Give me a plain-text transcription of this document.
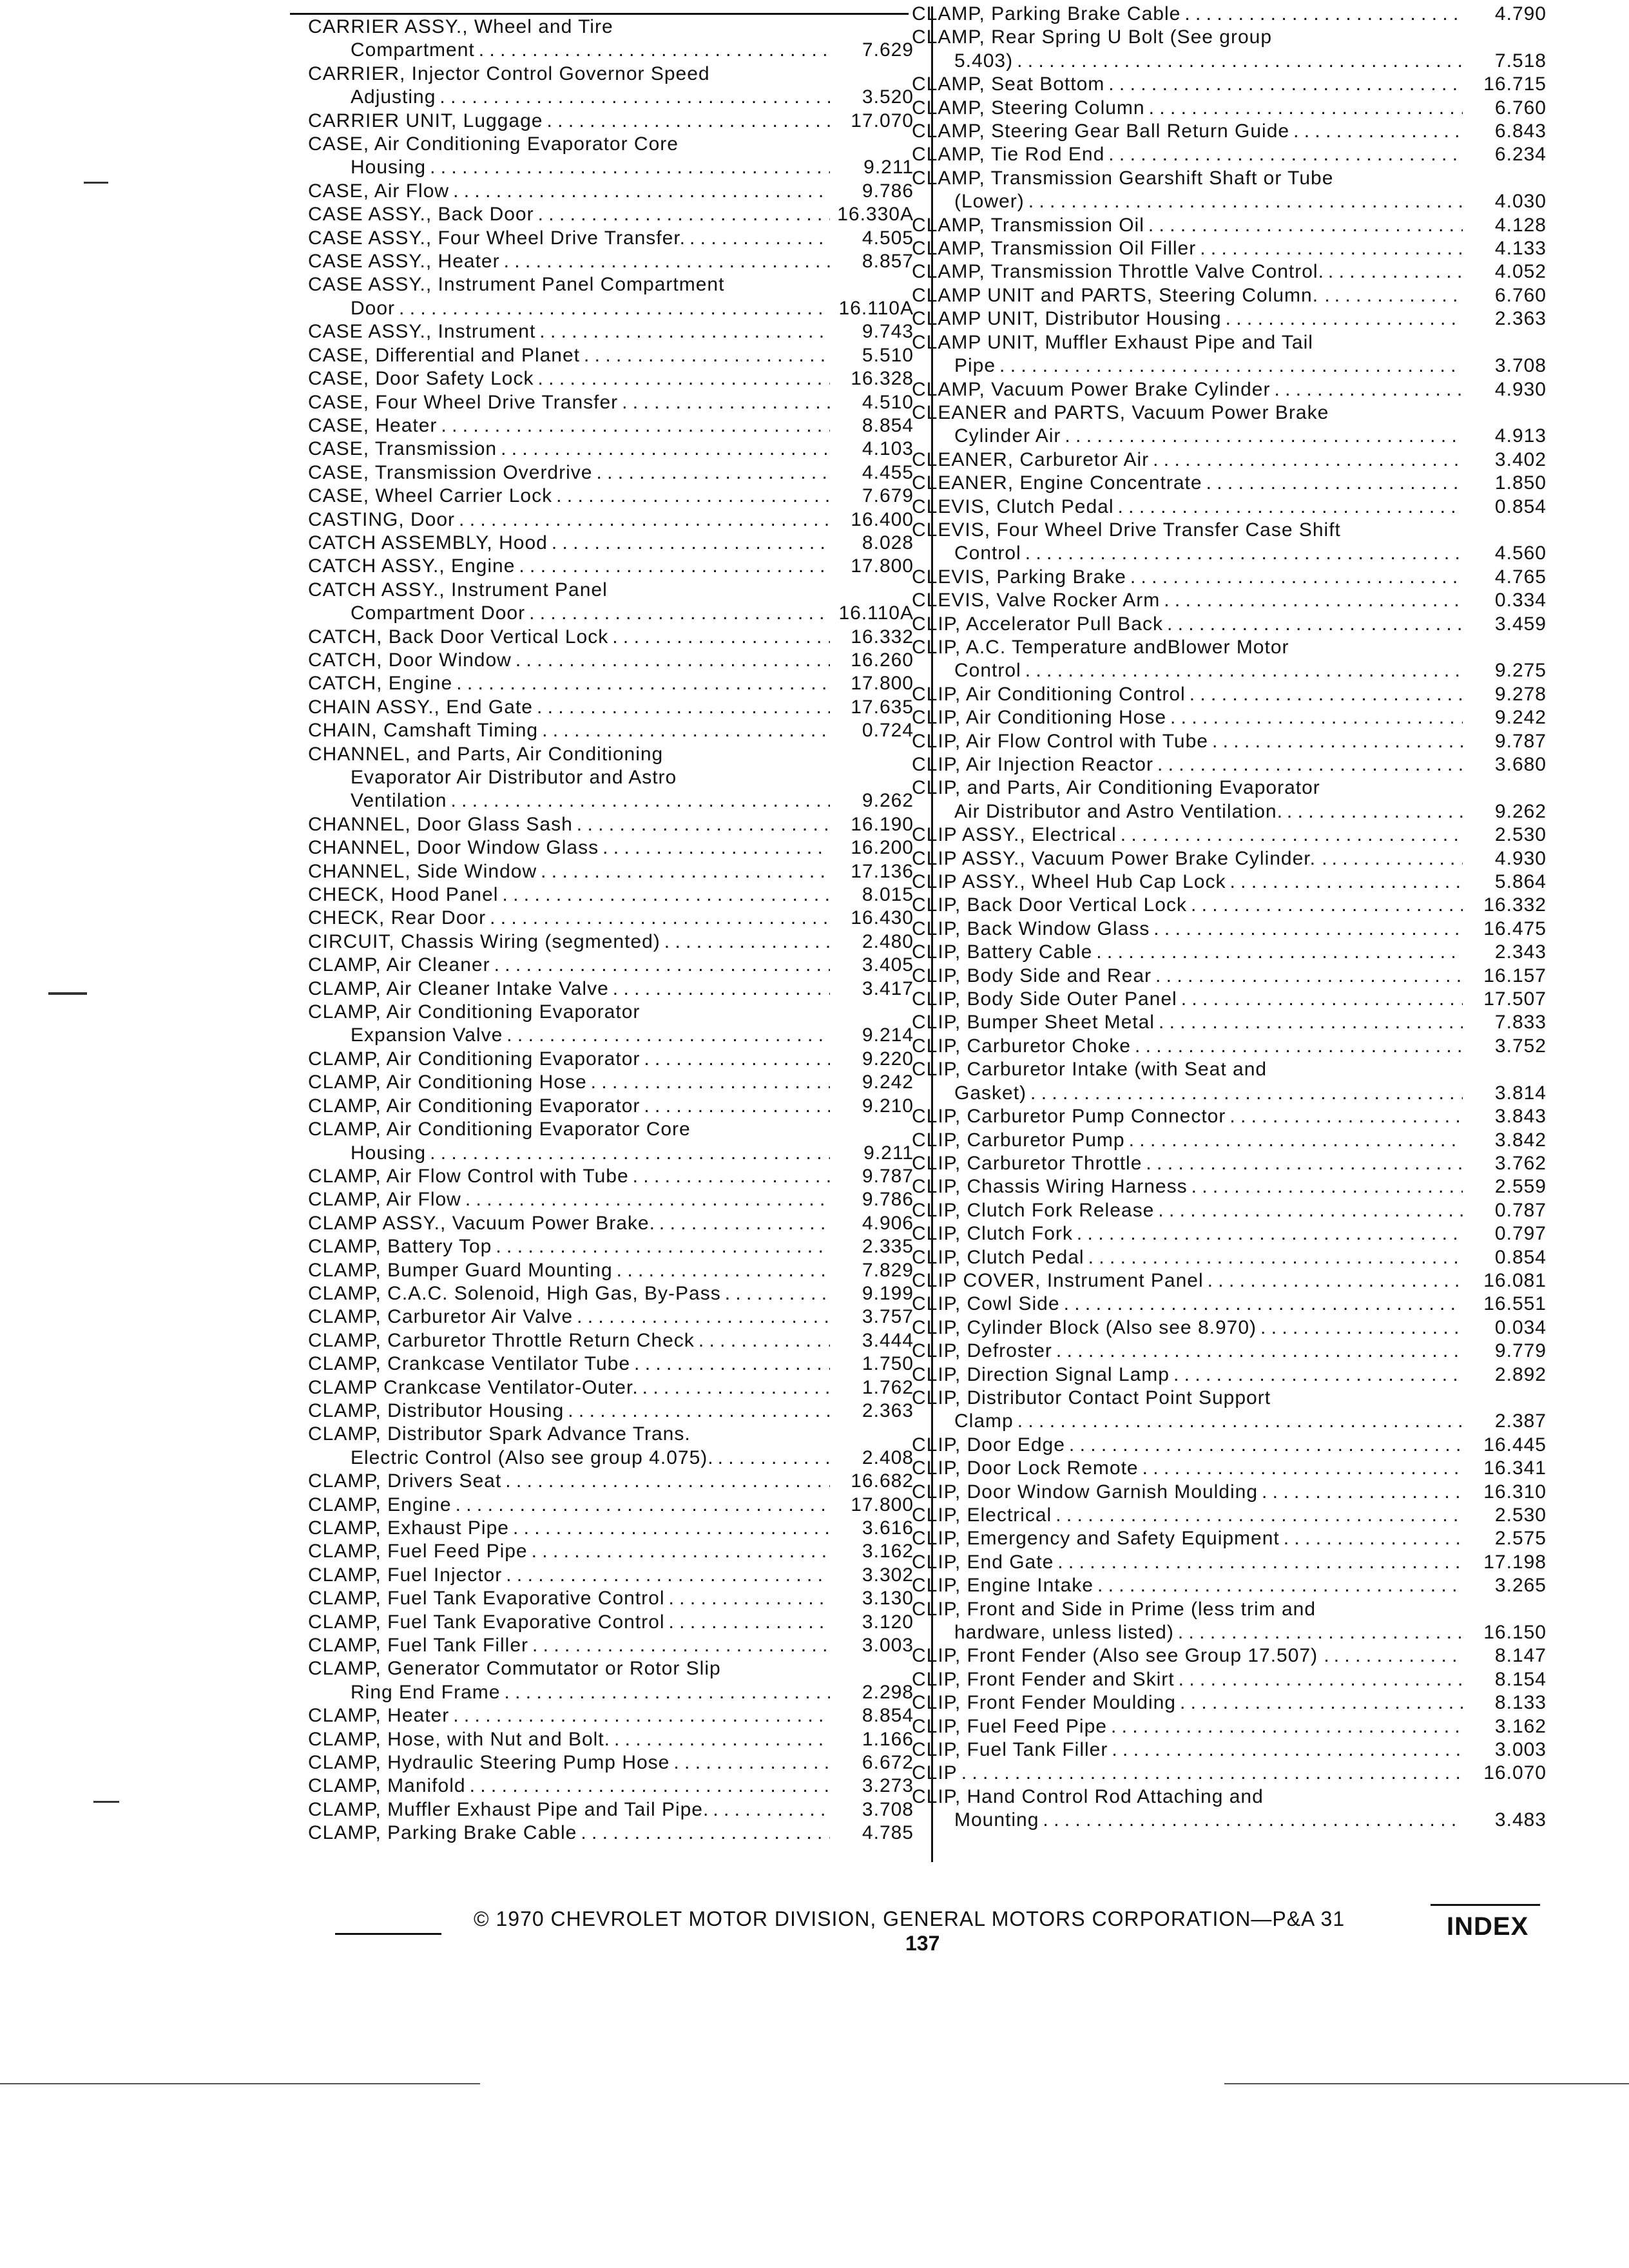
CARRIER ASSY., Wheel and Tire
Compartment . . .	7.629
CARRIER, Injector Control Governor Speed
Adjusting . . .	3.520
CARRIER UNIT, Luggage . . .	17.070
CASE, Air Conditioning Evaporator Core
Housing . . .	9.211
CASE, Air Flow . . .	9.786
CASE ASSY., Back Door . . .	16.330A
CASE ASSY., Four Wheel Drive Transfer. . . .	4.505
CASE ASSY., Heater . . .	8.857
CASE ASSY., Instrument Panel Compartment
Door . . .	16.110A
CASE ASSY., Instrument . . .	9.743
CASE, Differential and Planet . . .	5.510
CASE, Door Safety Lock . . .	16.328
CASE, Four Wheel Drive Transfer . . .	4.510
CASE, Heater . . .	8.854
CASE, Transmission . . .	4.103
CASE, Transmission Overdrive . . .	4.455
CASE, Wheel Carrier Lock . . .	7.679
CASTING, Door . . .	16.400
CATCH ASSEMBLY, Hood . . .	8.028
CATCH ASSY., Engine . . .	17.800
CATCH ASSY., Instrument Panel
Compartment Door . . .	16.110A
CATCH, Back Door Vertical Lock . . .	16.332
CATCH, Door Window . . .	16.260
CATCH, Engine . . .	17.800
CHAIN ASSY., End Gate . . .	17.635
CHAIN, Camshaft Timing . . .	0.724
CHANNEL, and Parts, Air Conditioning
Evaporator Air Distributor and Astro
Ventilation . . .	9.262
CHANNEL, Door Glass Sash . . .	16.190
CHANNEL, Door Window Glass . . .	16.200
CHANNEL, Side Window . . .	17.136
CHECK, Hood Panel . . .	8.015
CHECK, Rear Door . . .	16.430
CIRCUIT, Chassis Wiring (segmented) . . .	2.480
CLAMP, Air Cleaner . . .	3.405
CLAMP, Air Cleaner Intake Valve . . .	3.417
CLAMP, Air Conditioning Evaporator
Expansion Valve . . .	9.214
CLAMP, Air Conditioning Evaporator . . .	9.220
CLAMP, Air Conditioning Hose . . .	9.242
CLAMP, Air Conditioning Evaporator . . .	9.210
CLAMP, Air Conditioning Evaporator Core
Housing . . .	9.211
CLAMP, Air Flow Control with Tube . . .	9.787
CLAMP, Air Flow . . .	9.786
CLAMP ASSY., Vacuum Power Brake. . . .	4.906
CLAMP, Battery Top . . .	2.335
CLAMP, Bumper Guard Mounting . . .	7.829
CLAMP, C.A.C. Solenoid, High Gas, By-Pass . . .	9.199
CLAMP, Carburetor Air Valve . . .	3.757
CLAMP, Carburetor Throttle Return Check . . .	3.444
CLAMP, Crankcase Ventilator Tube . . .	1.750
CLAMP Crankcase Ventilator-Outer. . . .	1.762
CLAMP, Distributor Housing . . .	2.363
CLAMP, Distributor Spark Advance Trans.
Electric Control (Also see group 4.075). . . .	2.408
CLAMP, Drivers Seat . . .	16.682
CLAMP, Engine . . .	17.800
CLAMP, Exhaust Pipe . . .	3.616
CLAMP, Fuel Feed Pipe . . .	3.162
CLAMP, Fuel Injector . . .	3.302
CLAMP, Fuel Tank Evaporative Control . . .	3.130
CLAMP, Fuel Tank Evaporative Control . . .	3.120
CLAMP, Fuel Tank Filler . . .	3.003
CLAMP, Generator Commutator or Rotor Slip
Ring End Frame . . .	2.298
CLAMP, Heater . . .	8.854
CLAMP, Hose, with Nut and Bolt. . . .	1.166
CLAMP, Hydraulic Steering Pump Hose . . .	6.672
CLAMP, Manifold . . .	3.273
CLAMP, Muffler Exhaust Pipe and Tail Pipe. . . .	3.708
CLAMP, Parking Brake Cable . . .	4.785
CLAMP, Parking Brake Cable . . .	4.790
CLAMP, Rear Spring U Bolt (See group
5.403) . . .	7.518
CLAMP, Seat Bottom . . .	16.715
CLAMP, Steering Column . . .	6.760
CLAMP, Steering Gear Ball Return Guide . . .	6.843
CLAMP, Tie Rod End . . .	6.234
CLAMP, Transmission Gearshift Shaft or Tube
(Lower) . . .	4.030
CLAMP, Transmission Oil . . .	4.128
CLAMP, Transmission Oil Filler . . .	4.133
CLAMP, Transmission Throttle Valve Control. . . .	4.052
CLAMP UNIT and PARTS, Steering Column. . . . .	6.760
CLAMP UNIT, Distributor Housing . . .	2.363
CLAMP UNIT, Muffler Exhaust Pipe and Tail
Pipe . . .	3.708
CLAMP, Vacuum Power Brake Cylinder . . .	4.930
CLEANER and PARTS, Vacuum Power Brake
Cylinder Air . . .	4.913
CLEANER, Carburetor Air . . .	3.402
CLEANER, Engine Concentrate . . .	1.850
CLEVIS, Clutch Pedal . . .	0.854
CLEVIS, Four Wheel Drive Transfer Case Shift
Control . . .	4.560
CLEVIS, Parking Brake . . .	4.765
CLEVIS, Valve Rocker Arm . . .	0.334
CLIP, Accelerator Pull Back . . .	3.459
CLIP, A.C. Temperature andBlower Motor
Control . . .	9.275
CLIP, Air Conditioning Control . . .	9.278
CLIP, Air Conditioning Hose . . .	9.242
CLIP, Air Flow Control with Tube . . .	9.787
CLIP, Air Injection Reactor . . .	3.680
CLIP, and Parts, Air Conditioning Evaporator
Air Distributor and Astro Ventilation. . . .	9.262
CLIP ASSY., Electrical . . .	2.530
CLIP ASSY., Vacuum Power Brake Cylinder. . . . .	4.930
CLIP ASSY., Wheel Hub Cap Lock . . .	5.864
CLIP, Back Door Vertical Lock . . .	16.332
CLIP, Back Window Glass . . .	16.475
CLIP, Battery Cable . . .	2.343
CLIP, Body Side and Rear . . .	16.157
CLIP, Body Side Outer Panel . . .	17.507
CLIP, Bumper Sheet Metal . . .	7.833
CLIP, Carburetor Choke . . .	3.752
CLIP, Carburetor Intake (with Seat and
Gasket) . . .	3.814
CLIP, Carburetor Pump Connector . . .	3.843
CLIP, Carburetor Pump . . .	3.842
CLIP, Carburetor Throttle . . .	3.762
CLIP, Chassis Wiring Harness . . .	2.559
CLIP, Clutch Fork Release . . .	0.787
CLIP, Clutch Fork . . .	0.797
CLIP, Clutch Pedal . . .	0.854
CLIP COVER, Instrument Panel . . .	16.081
CLIP, Cowl Side . . .	16.551
CLIP, Cylinder Block (Also see 8.970) . . .	0.034
CLIP, Defroster . . .	9.779
CLIP, Direction Signal Lamp . . .	2.892
CLIP, Distributor Contact Point Support
Clamp . . .	2.387
CLIP, Door Edge . . .	16.445
CLIP, Door Lock Remote . . .	16.341
CLIP, Door Window Garnish Moulding . . .	16.310
CLIP, Electrical . . .	2.530
CLIP, Emergency and Safety Equipment . . .	2.575
CLIP, End Gate . . .	17.198
CLIP, Engine Intake . . .	3.265
CLIP, Front and Side in Prime (less trim and
hardware, unless listed) . . .	16.150
CLIP, Front Fender (Also see Group 17.507) . . . .	8.147
CLIP, Front Fender and Skirt . . .	8.154
CLIP, Front Fender Moulding . . .	8.133
CLIP, Fuel Feed Pipe . . .	3.162
CLIP, Fuel Tank Filler . . .	3.003
CLIP . . .	16.070
CLIP, Hand Control Rod Attaching and
Mounting . . .	3.483
© 1970 CHEVROLET MOTOR DIVISION, GENERAL MOTORS CORPORATION—P&A 31
137
INDEX
